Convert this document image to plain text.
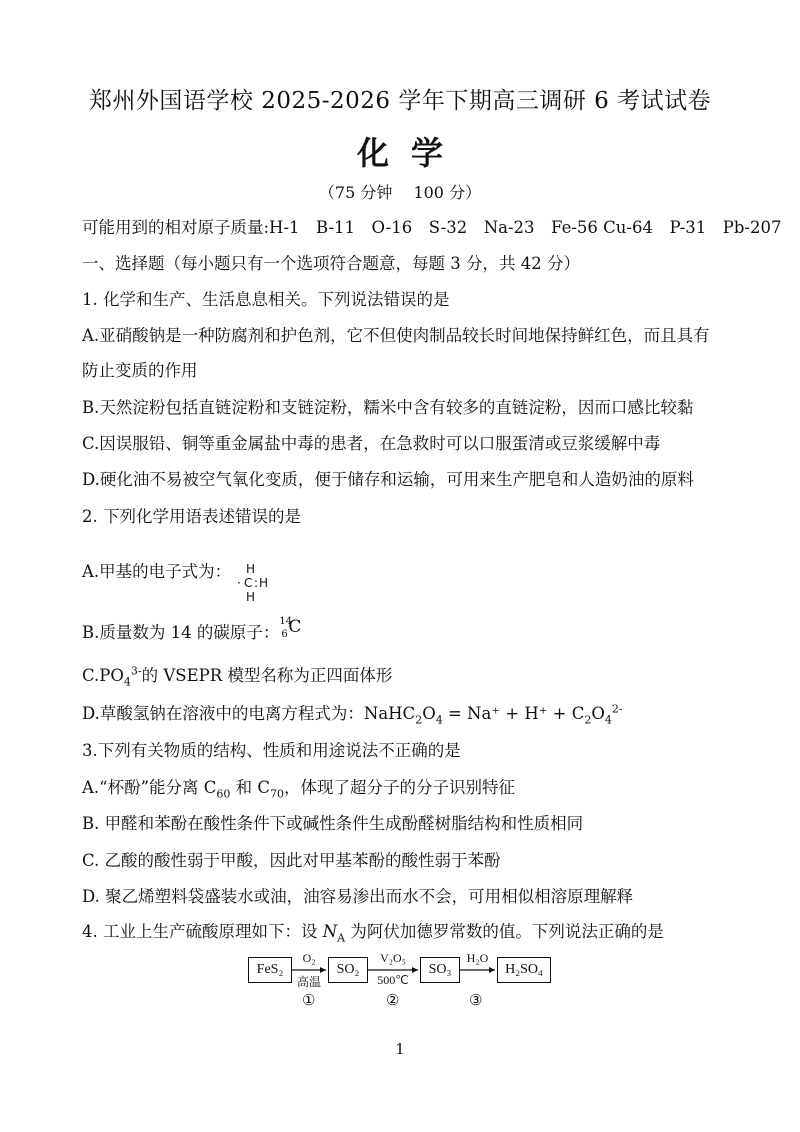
郑州外国语学校 2025-2026 学年下期高三调研 6 考试试卷
化学
（75 分钟　 100 分）
可能用到的相对原子质量:H-1　B-11　O-16　S-32　Na-23　Fe-56 Cu-64　P-31　Pb-207
一、选择题（每小题只有一个选项符合题意，每题 3 分，共 42 分）
1. 化学和生产、生活息息相关。下列说法错误的是
A.亚硝酸钠是一种防腐剂和护色剂，它不但使肉制品较长时间地保持鲜红色，而且具有
防止变质的作用
B.天然淀粉包括直链淀粉和支链淀粉，糯米中含有较多的直链淀粉，因而口感比较黏
C.因误服铅、铜等重金属盐中毒的患者，在急救时可以口服蛋清或豆浆缓解中毒
D.硬化油不易被空气氧化变质，便于储存和运输，可用来生产肥皂和人造奶油的原料
2. 下列化学用语表述错误的是
A.甲基的电子式为： H
· C : H
H
B.质量数为 14 的碳原子：
14
6 C
$C.PO_4^{3-}$的 VSEPR 模型名称为正四面体形
D.草酸氢钠在溶液中的电离方程式为：$NaHC_2O_4 = Na^+ + H^+ + C_2O_4^{2-}$
3.下列有关物质的结构、性质和用途说法不正确的是
A.“杯酚”能分离 $C_{60}$ 和 $C_{70}$，体现了超分子的分子识别特征
B. 甲醛和苯酚在酸性条件下或碱性条件生成酚醛树脂结构和性质相同
C. 乙酸的酸性弱于甲酸，因此对甲基苯酚的酸性弱于苯酚
D. 聚乙烯塑料袋盛装水或油，油容易渗出而水不会，可用相似相溶原理解释
4. 工业上生产硫酸原理如下：设 $N_A$ 为阿伏加德罗常数的值。下列说法正确的是
FeS₂	SO₂	SO₃	H₂SO₄
O₂
高温
V₂O₅
500℃
H₂O
①	②	③
1
